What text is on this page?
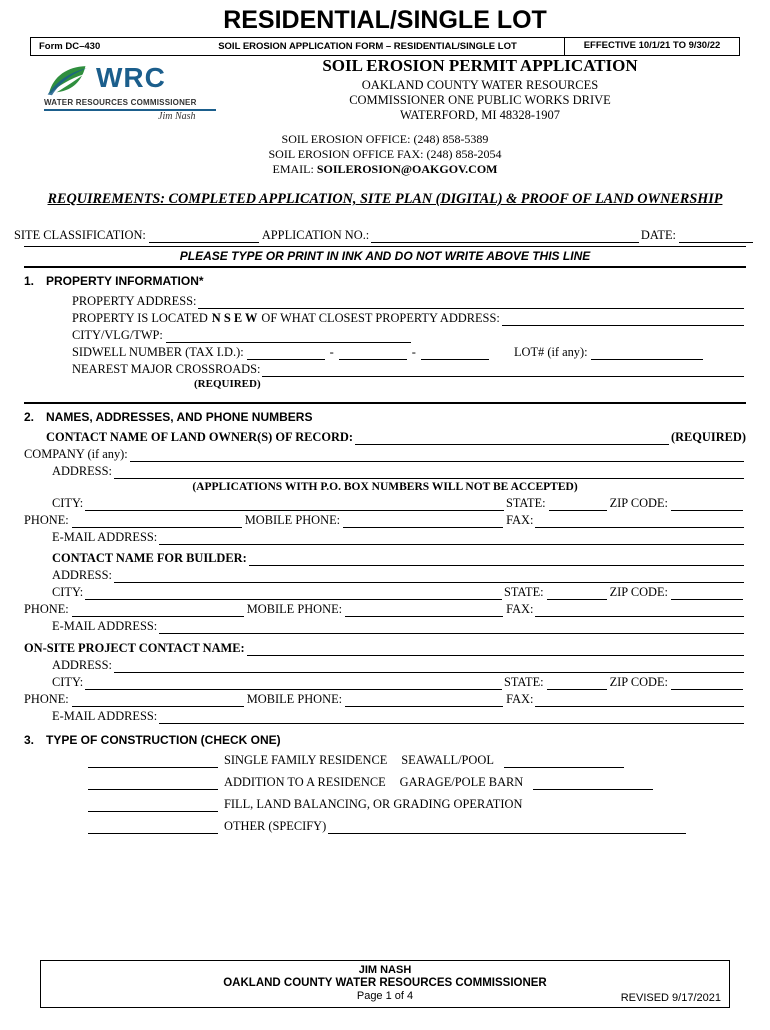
RESIDENTIAL/SINGLE LOT
Form DC–430	SOIL EROSION APPLICATION FORM – RESIDENTIAL/SINGLE LOT	EFFECTIVE 10/1/21 TO 9/30/22
WRC
WATER RESOURCES COMMISSIONER
Jim Nash
SOIL EROSION PERMIT APPLICATION
OAKLAND COUNTY WATER RESOURCES
COMMISSIONER ONE PUBLIC WORKS DRIVE
WATERFORD, MI 48328-1907
SOIL EROSION OFFICE: (248) 858-5389
SOIL EROSION OFFICE FAX: (248) 858-2054
EMAIL: SOILEROSION@OAKGOV.COM
REQUIREMENTS: COMPLETED APPLICATION, SITE PLAN (DIGITAL) & PROOF OF LAND OWNERSHIP
SITE CLASSIFICATION:	APPLICATION NO.:	DATE:
PLEASE TYPE OR PRINT IN INK AND DO NOT WRITE ABOVE THIS LINE
1. PROPERTY INFORMATION*
PROPERTY ADDRESS:
PROPERTY IS LOCATED N S E W OF WHAT CLOSEST PROPERTY ADDRESS:
CITY/VLG/TWP:
SIDWELL NUMBER (TAX I.D.):	-	-	LOT# (if any):
NEAREST MAJOR CROSSROADS:
(REQUIRED)
2. NAMES, ADDRESSES, AND PHONE NUMBERS
CONTACT NAME OF LAND OWNER(S) OF RECORD:	(REQUIRED)
COMPANY (if any):
ADDRESS:
(APPLICATIONS WITH P.O. BOX NUMBERS WILL NOT BE ACCEPTED)
CITY:	STATE:	ZIP CODE:
PHONE:	MOBILE PHONE:	FAX:
E-MAIL ADDRESS:
CONTACT NAME FOR BUILDER:
ADDRESS:
CITY:	STATE:	ZIP CODE:
PHONE:	MOBILE PHONE:	FAX:
E-MAIL ADDRESS:
ON-SITE PROJECT CONTACT NAME:
ADDRESS:
CITY:	STATE:	ZIP CODE:
PHONE:	MOBILE PHONE:	FAX:
E-MAIL ADDRESS:
3. TYPE OF CONSTRUCTION (CHECK ONE)
SINGLE FAMILY RESIDENCE	SEAWALL/POOL
ADDITION TO A RESIDENCE	GARAGE/POLE BARN
FILL, LAND BALANCING, OR GRADING OPERATION
OTHER (SPECIFY)
JIM NASH
OAKLAND COUNTY WATER RESOURCES COMMISSIONER
Page 1 of 4	REVISED 9/17/2021
